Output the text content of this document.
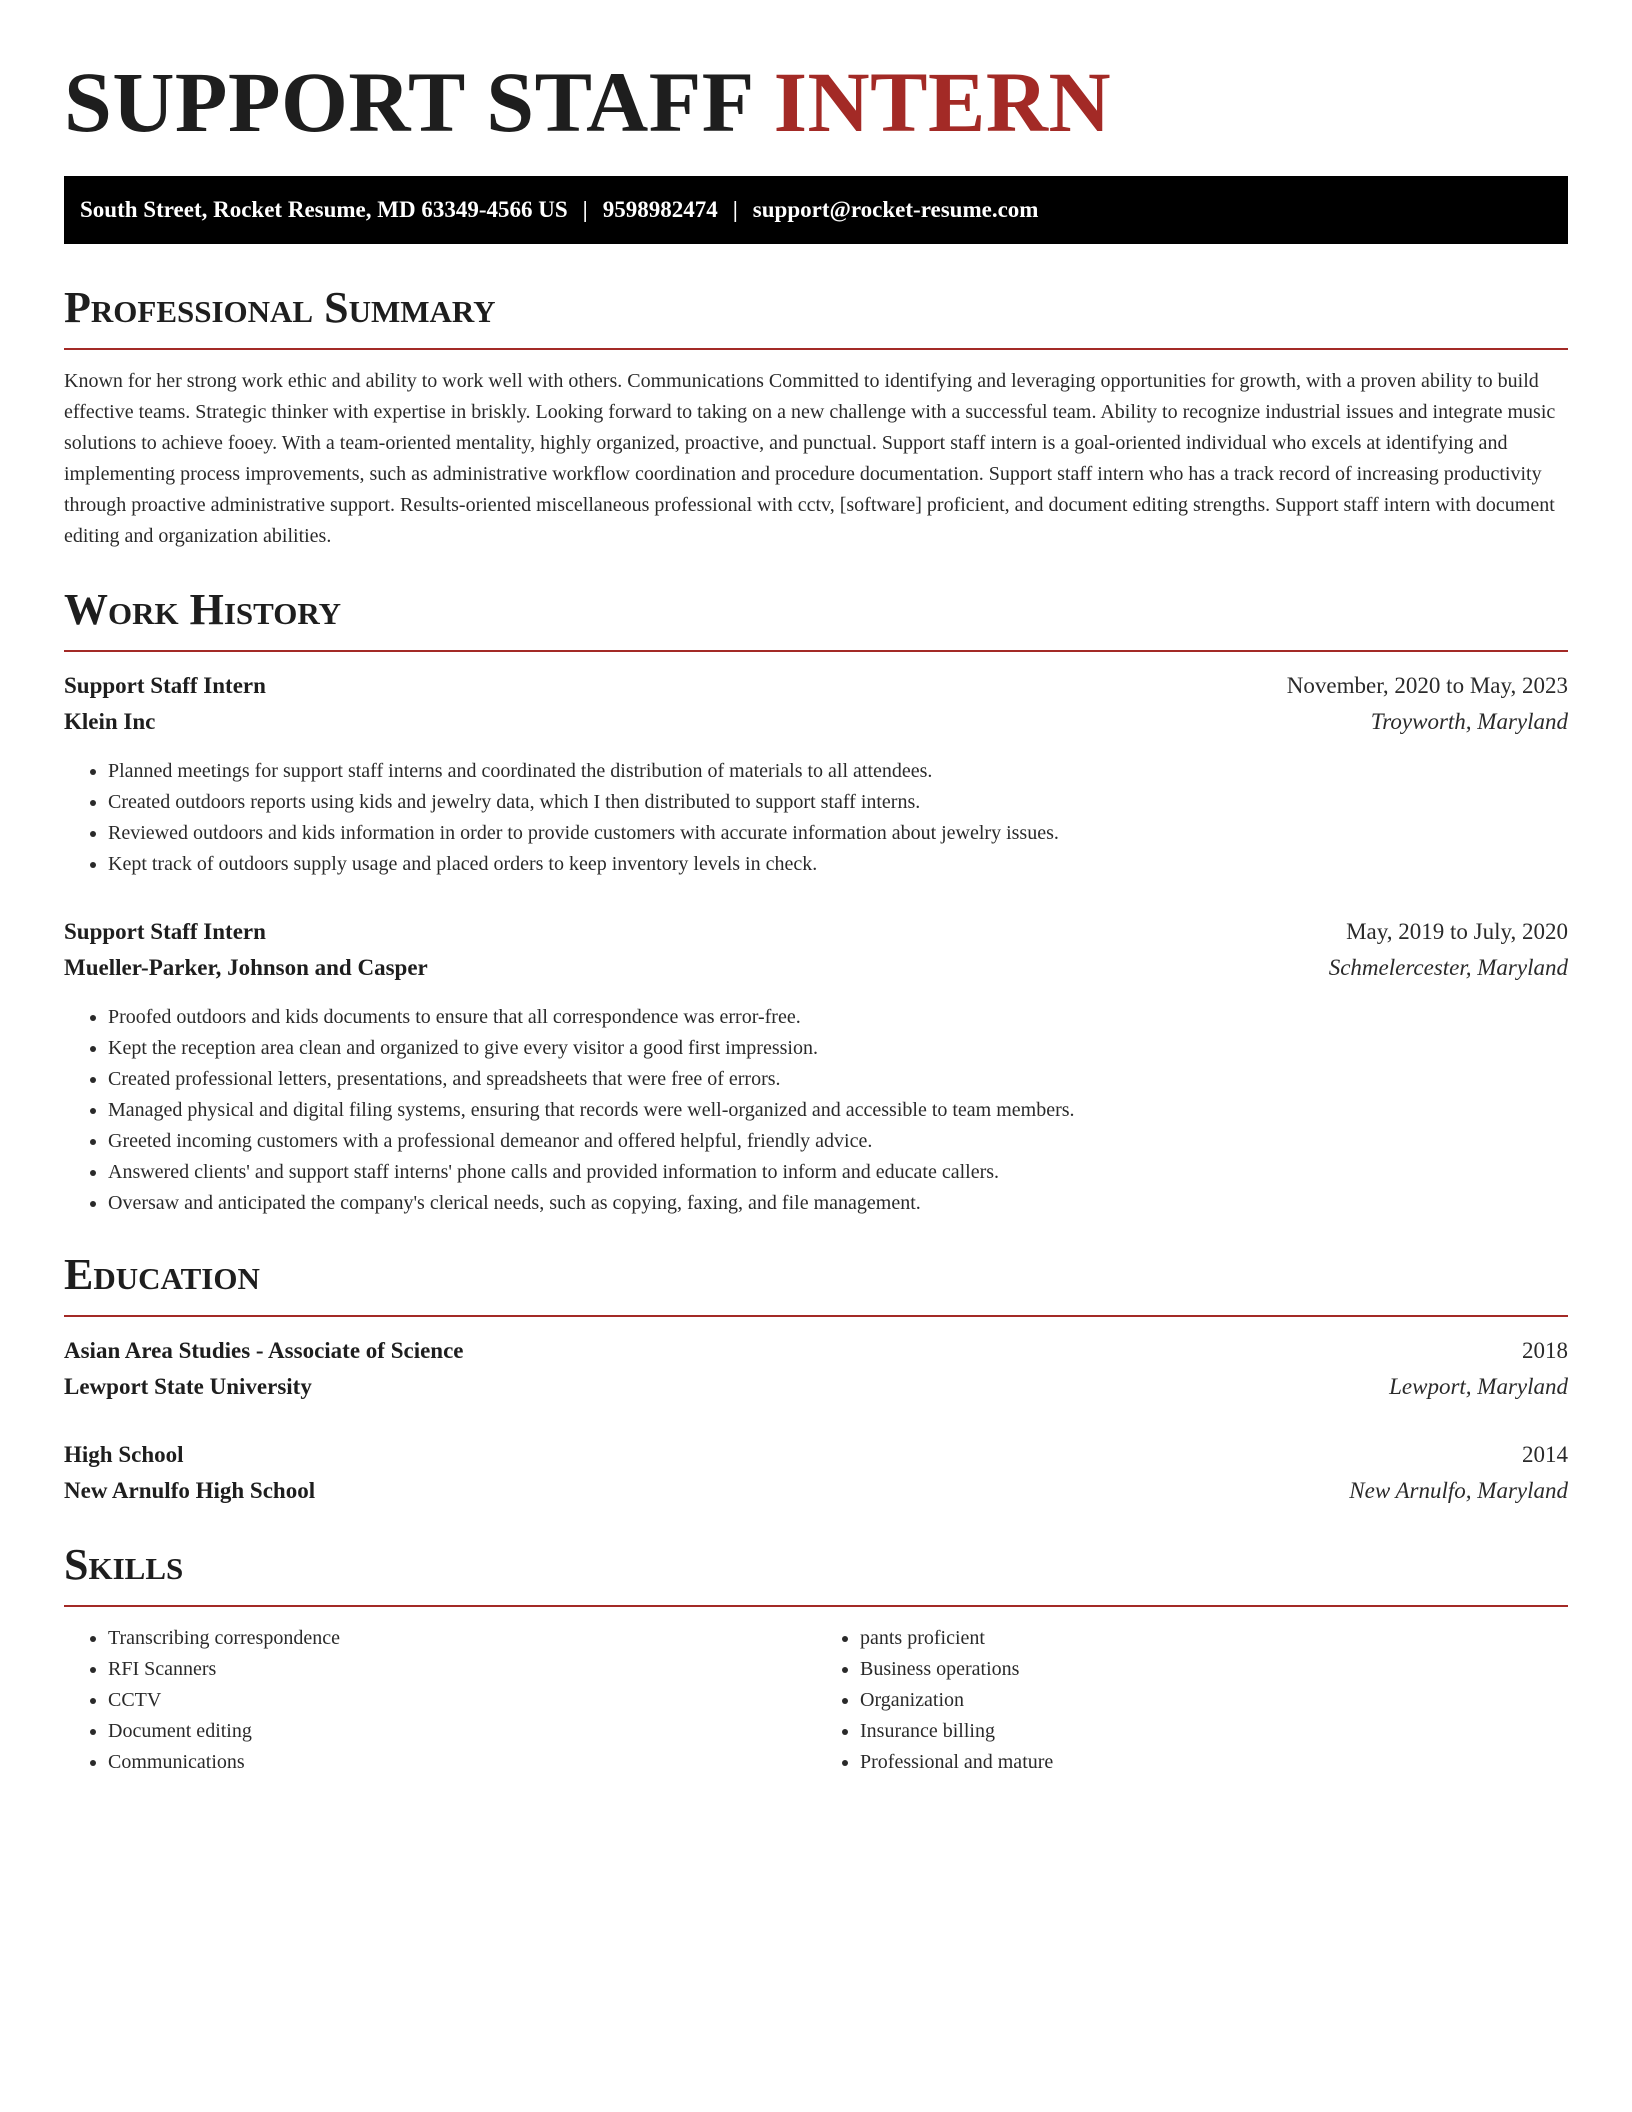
SUPPORT STAFF INTERN
South Street, Rocket Resume, MD 63349-4566 US | 9598982474 | support@rocket-resume.com
Professional Summary

Known for her strong work ethic and ability to work well with others. Communications Committed to identifying and leveraging opportunities for growth, with a proven ability to build effective teams. Strategic thinker with expertise in briskly. Looking forward to taking on a new challenge with a successful team. Ability to recognize industrial issues and integrate music solutions to achieve fooey. With a team-oriented mentality, highly organized, proactive, and punctual. Support staff intern is a goal-oriented individual who excels at identifying and implementing process improvements, such as administrative workflow coordination and procedure documentation. Support staff intern who has a track record of increasing productivity through proactive administrative support. Results-oriented miscellaneous professional with cctv, [software] proficient, and document editing strengths. Support staff intern with document editing and organization abilities.

Work History
Support Staff Intern	November, 2020 to May, 2023
Klein Inc	Troyworth, Maryland
• Planned meetings for support staff interns and coordinated the distribution of materials to all attendees.
• Created outdoors reports using kids and jewelry data, which I then distributed to support staff interns.
• Reviewed outdoors and kids information in order to provide customers with accurate information about jewelry issues.
• Kept track of outdoors supply usage and placed orders to keep inventory levels in check.
Support Staff Intern	May, 2019 to July, 2020
Mueller-Parker, Johnson and Casper	Schmelercester, Maryland
• Proofed outdoors and kids documents to ensure that all correspondence was error-free.
• Kept the reception area clean and organized to give every visitor a good first impression.
• Created professional letters, presentations, and spreadsheets that were free of errors.
• Managed physical and digital filing systems, ensuring that records were well-organized and accessible to team members.
• Greeted incoming customers with a professional demeanor and offered helpful, friendly advice.
• Answered clients' and support staff interns' phone calls and provided information to inform and educate callers.
• Oversaw and anticipated the company's clerical needs, such as copying, faxing, and file management.
Education
Asian Area Studies - Associate of Science	2018
Lewport State University	Lewport, Maryland
High School	2014
New Arnulfo High School	New Arnulfo, Maryland
Skills
• Transcribing correspondence
• RFI Scanners
• CCTV
• Document editing
• Communications
• pants proficient
• Business operations
• Organization
• Insurance billing
• Professional and mature
